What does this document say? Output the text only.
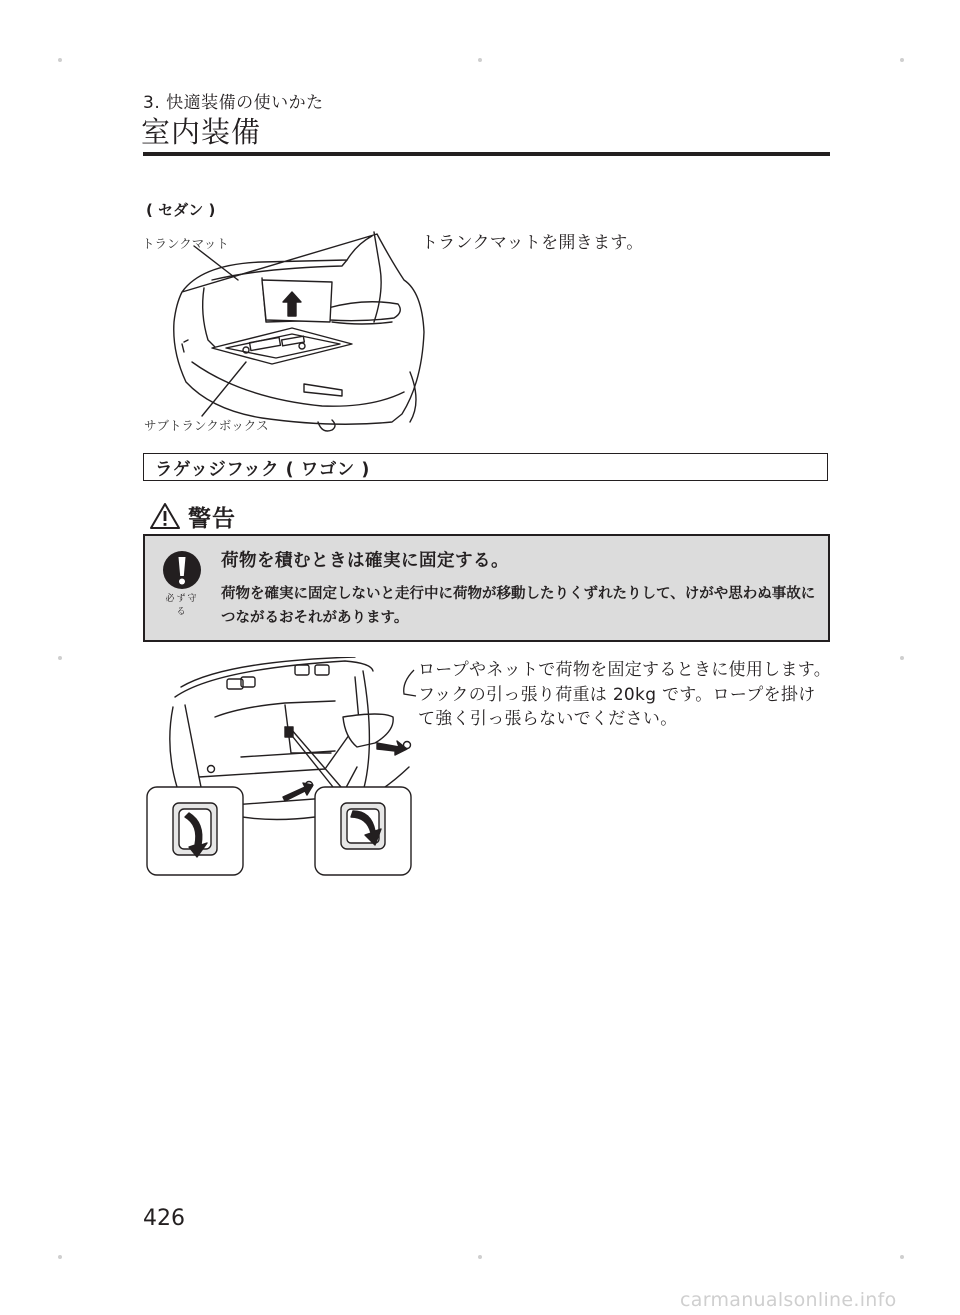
3. 快適装備の使いかた
室内装備
( セダン )
トランクマット
サブトランクボックス
トランクマットを開きます。
ラゲッジフック ( ワゴン )
警告
必ず守る
荷物を積むときは確実に固定する。
荷物を確実に固定しないと走行中に荷物が移動したりくずれたりして、けがや思わぬ事故につながるおそれがあります。
ロープやネットで荷物を固定するときに使用します。
フックの引っ張り荷重は 20kg です。ロープを掛け
て強く引っ張らないでください。
426
carmanualsonline.info
